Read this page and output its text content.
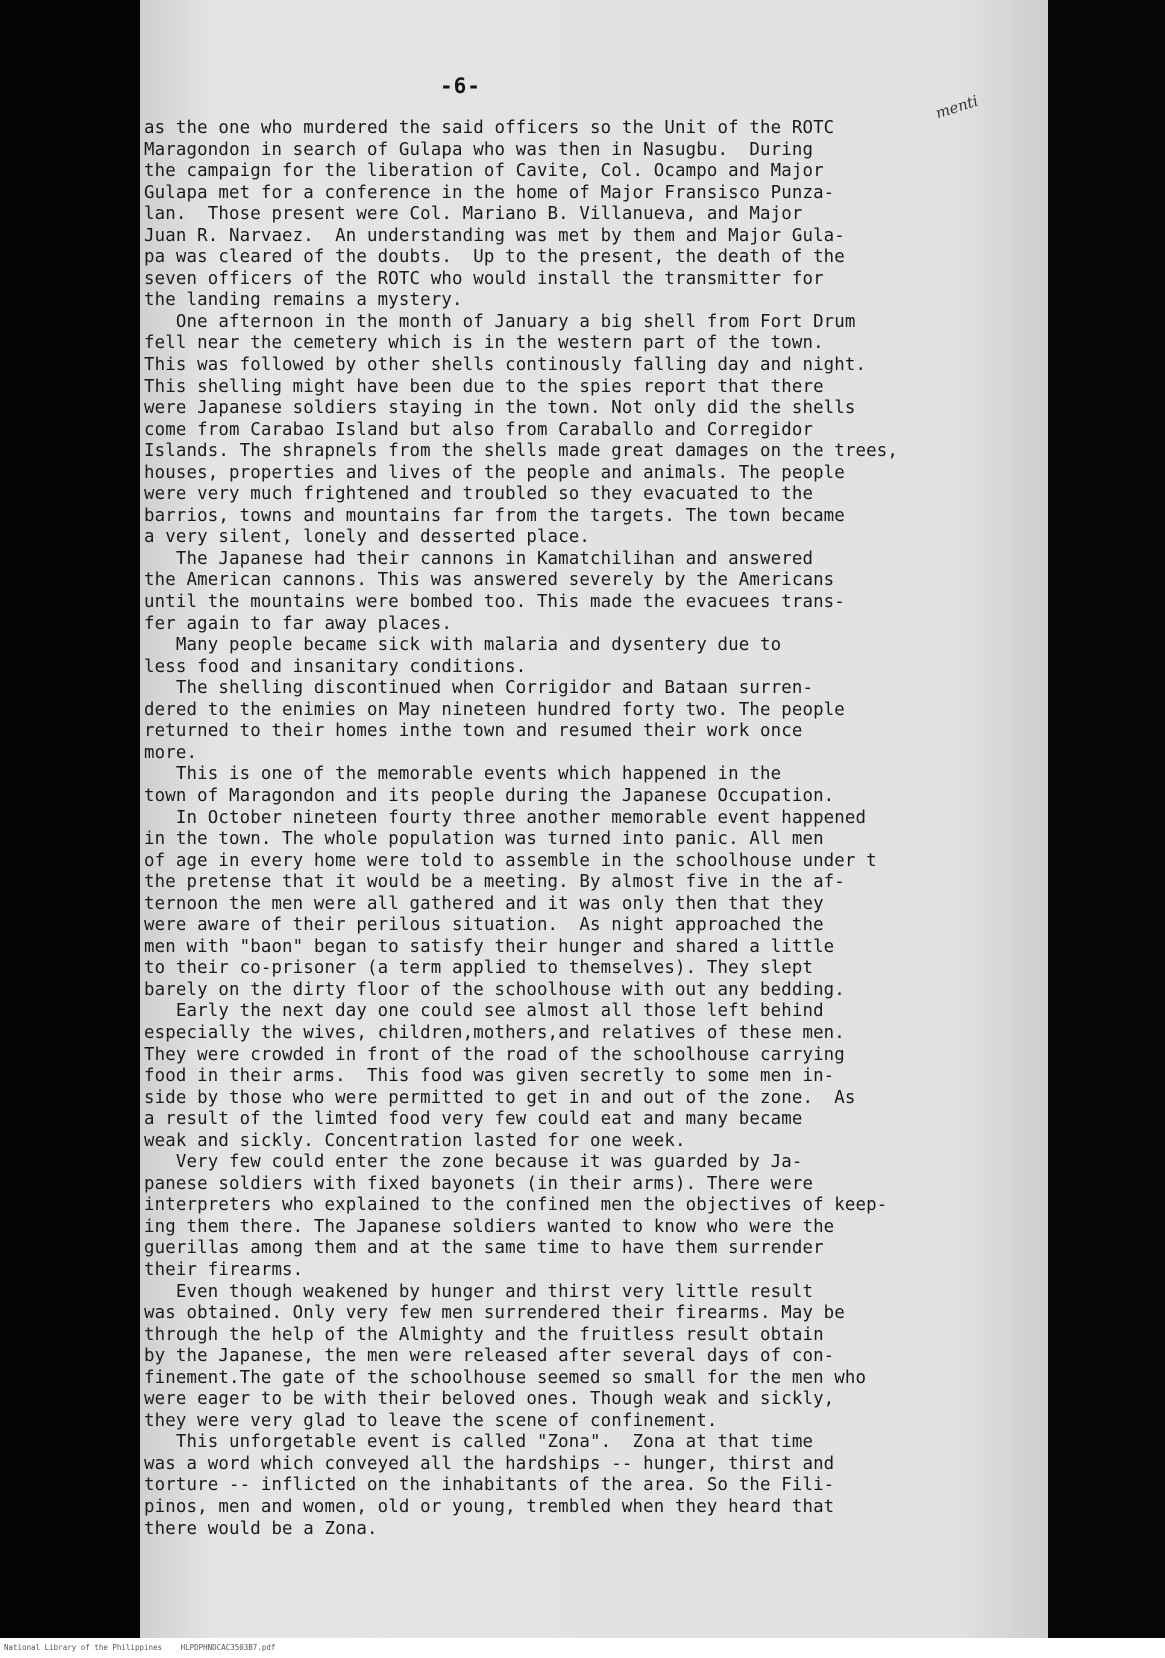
-6-
menti
as the one who murdered the said officers so the Unit of the ROTC
Maragondon in search of Gulapa who was then in Nasugbu.  During
the campaign for the liberation of Cavite, Col. Ocampo and Major
Gulapa met for a conference in the home of Major Fransisco Punza-
lan.  Those present were Col. Mariano B. Villanueva, and Major
Juan R. Narvaez.  An understanding was met by them and Major Gula-
pa was cleared of the doubts.  Up to the present, the death of the
seven officers of the ROTC who would install the transmitter for
the landing remains a mystery.
One afternoon in the month of January a big shell from Fort Drum
fell near the cemetery which is in the western part of the town.
This was followed by other shells continously falling day and night.
This shelling might have been due to the spies report that there
were Japanese soldiers staying in the town. Not only did the shells
come from Carabao Island but also from Caraballo and Corregidor
Islands. The shrapnels from the shells made great damages on the trees,
houses, properties and lives of the people and animals. The people
were very much frightened and troubled so they evacuated to the
barrios, towns and mountains far from the targets. The town became
a very silent, lonely and desserted place.
The Japanese had their cannons in Kamatchilihan and answered
the American cannons. This was answered severely by the Americans
until the mountains were bombed too. This made the evacuees trans-
fer again to far away places.
Many people became sick with malaria and dysentery due to
less food and insanitary conditions.
The shelling discontinued when Corrigidor and Bataan surren-
dered to the enimies on May nineteen hundred forty two. The people
returned to their homes inthe town and resumed their work once
more.
This is one of the memorable events which happened in the
town of Maragondon and its people during the Japanese Occupation.
In October nineteen fourty three another memorable event happened
in the town. The whole population was turned into panic. All men
of age in every home were told to assemble in the schoolhouse under t
the pretense that it would be a meeting. By almost five in the af-
ternoon the men were all gathered and it was only then that they
were aware of their perilous situation.  As night approached the
men with "baon" began to satisfy their hunger and shared a little
to their co-prisoner (a term applied to themselves). They slept
barely on the dirty floor of the schoolhouse with out any bedding.
Early the next day one could see almost all those left behind
especially the wives, children,mothers,and relatives of these men.
They were crowded in front of the road of the schoolhouse carrying
food in their arms.  This food was given secretly to some men in-
side by those who were permitted to get in and out of the zone.  As
a result of the limted food very few could eat and many became
weak and sickly. Concentration lasted for one week.
Very few could enter the zone because it was guarded by Ja-
panese soldiers with fixed bayonets (in their arms). There were
interpreters who explained to the confined men the objectives of keep-
ing them there. The Japanese soldiers wanted to know who were the
guerillas among them and at the same time to have them surrender
their firearms.
Even though weakened by hunger and thirst very little result
was obtained. Only very few men surrendered their firearms. May be
through the help of the Almighty and the fruitless result obtain
by the Japanese, the men were released after several days of con-
finement.The gate of the schoolhouse seemed so small for the men who
were eager to be with their beloved ones. Though weak and sickly,
they were very glad to leave the scene of confinement.
This unforgetable event is called "Zona".  Zona at that time
was a word which conveyed all the hardships -- hunger, thirst and
torture -- inflicted on the inhabitants of the area. So the Fili-
pinos, men and women, old or young, trembled when they heard that
there would be a Zona.
National Library of the Philippines HLPDPHNDCAC3503B7.pdf
